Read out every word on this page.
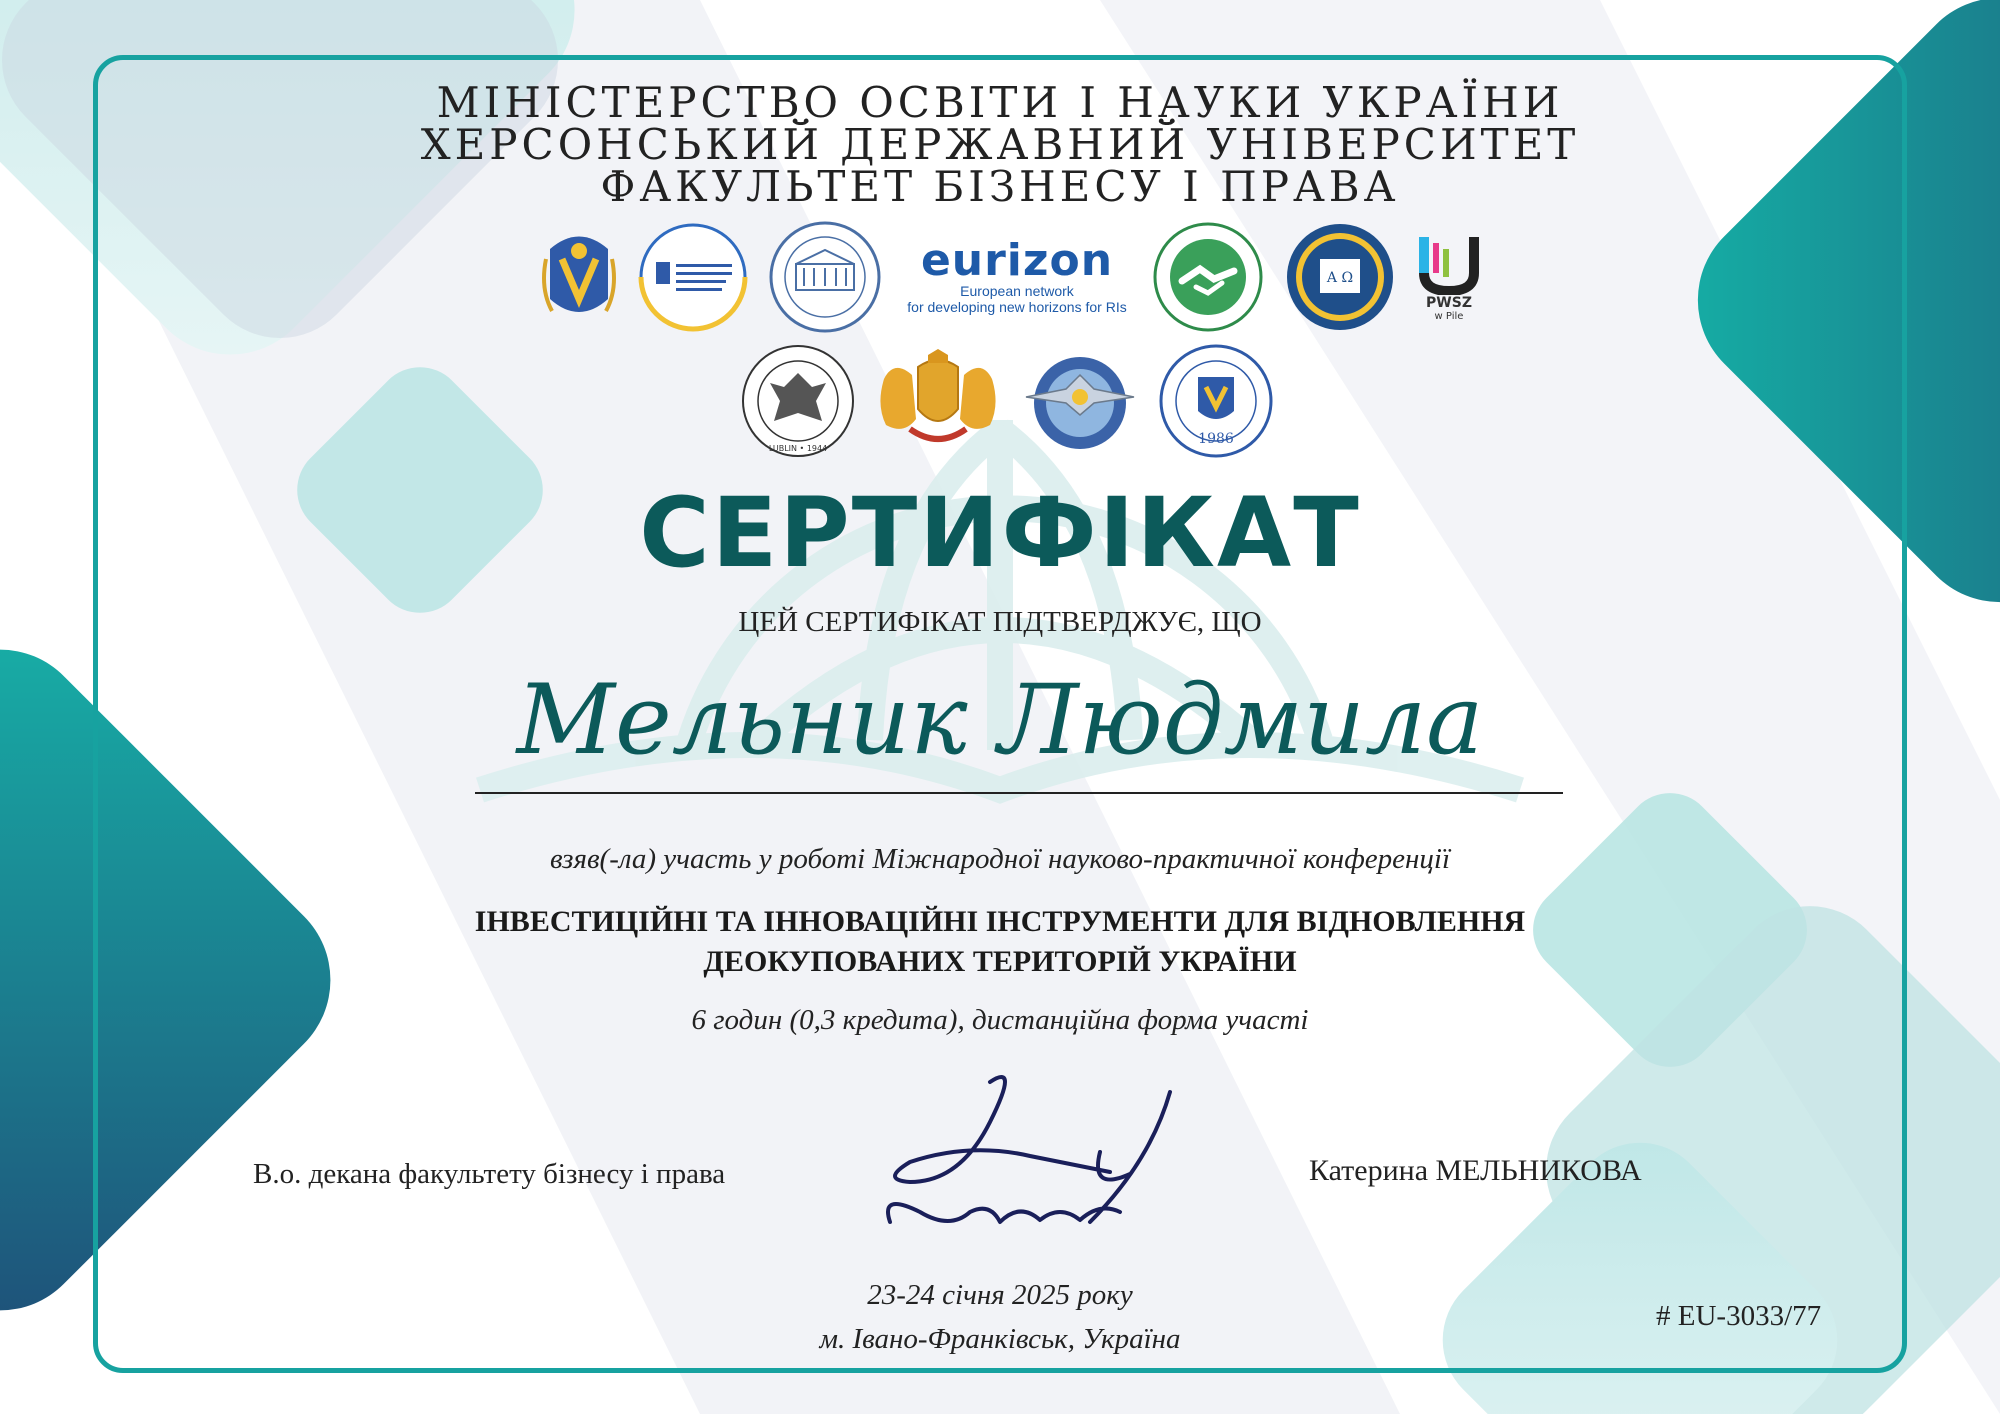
МІНІСТЕРСТВО ОСВІТИ І НАУКИ УКРАЇНИ
ХЕРСОНСЬКИЙ ДЕРЖАВНИЙ УНІВЕРСИТЕТ
ФАКУЛЬТЕТ БІЗНЕСУ І ПРАВА
eurizon
European network
for developing new horizons for RIs
Α Ω
PWSZ
w Pile
LUBLIN • 1944
1986
СЕРТИФІКАТ
ЦЕЙ СЕРТИФІКАТ ПІДТВЕРДЖУЄ, ЩО
Мельник Людмила
взяв(-ла) участь у роботі Міжнародної науково-практичної конференції
ІНВЕСТИЦІЙНІ ТА ІННОВАЦІЙНІ ІНСТРУМЕНТИ ДЛЯ ВІДНОВЛЕННЯ
ДЕОКУПОВАНИХ ТЕРИТОРІЙ УКРАЇНИ
6 годин (0,3 кредита), дистанційна форма участі
В.о. декана факультету бізнесу і права	Катерина МЕЛЬНИКОВА
23-24 січня 2025 року
м. Івано-Франківськ, Україна
# EU-3033/77
